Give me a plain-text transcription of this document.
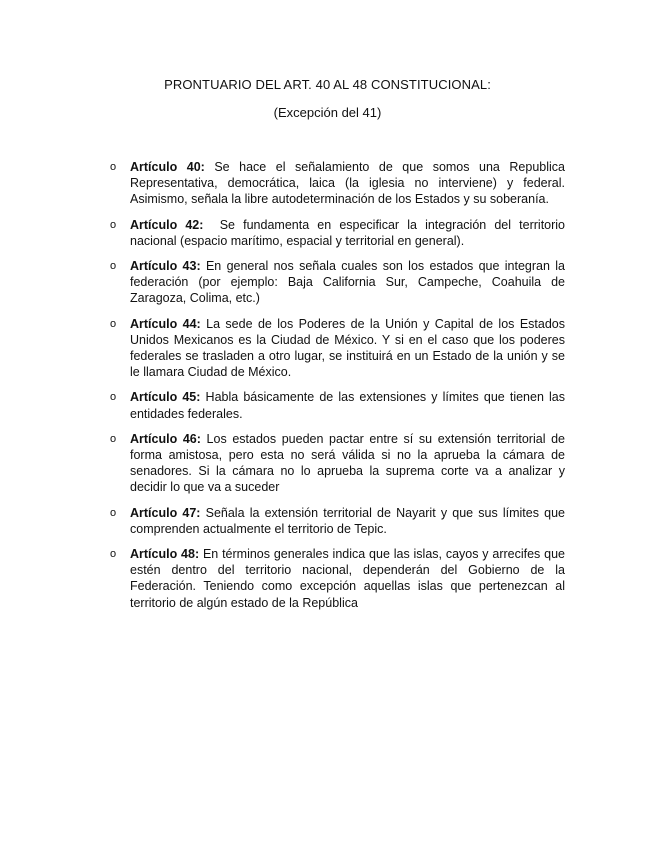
PRONTUARIO DEL ART. 40 AL 48 CONSTITUCIONAL:
(Excepción del 41)
o Artículo 40: Se hace el señalamiento de que somos una Republica Representativa, democrática, laica (la iglesia no interviene) y federal. Asimismo, señala la libre autodeterminación de los Estados y su soberanía.
o Artículo 42:  Se fundamenta en especificar la integración del territorio nacional (espacio marítimo, espacial y territorial en general).
o Artículo 43: En general nos señala cuales son los estados que integran la federación (por ejemplo: Baja California Sur, Campeche, Coahuila de Zaragoza, Colima, etc.)
o Artículo 44: La sede de los Poderes de la Unión y Capital de los Estados Unidos Mexicanos es la Ciudad de México. Y si en el caso que los poderes federales se trasladen a otro lugar, se instituirá en un Estado de la unión y se le llamara Ciudad de México.
o Artículo 45: Habla básicamente de las extensiones y límites que tienen las entidades federales.
o Artículo 46: Los estados pueden pactar entre sí su extensión territorial de forma amistosa, pero esta no será válida si no la aprueba la cámara de senadores. Si la cámara no lo aprueba la suprema corte va a analizar y decidir lo que va a suceder
o Artículo 47: Señala la extensión territorial de Nayarit y que sus límites que comprenden actualmente el territorio de Tepic.
o Artículo 48: En términos generales indica que las islas, cayos y arrecifes que estén dentro del territorio nacional, dependerán del Gobierno de la Federación. Teniendo como excepción aquellas islas que pertenezcan al territorio de algún estado de la República
